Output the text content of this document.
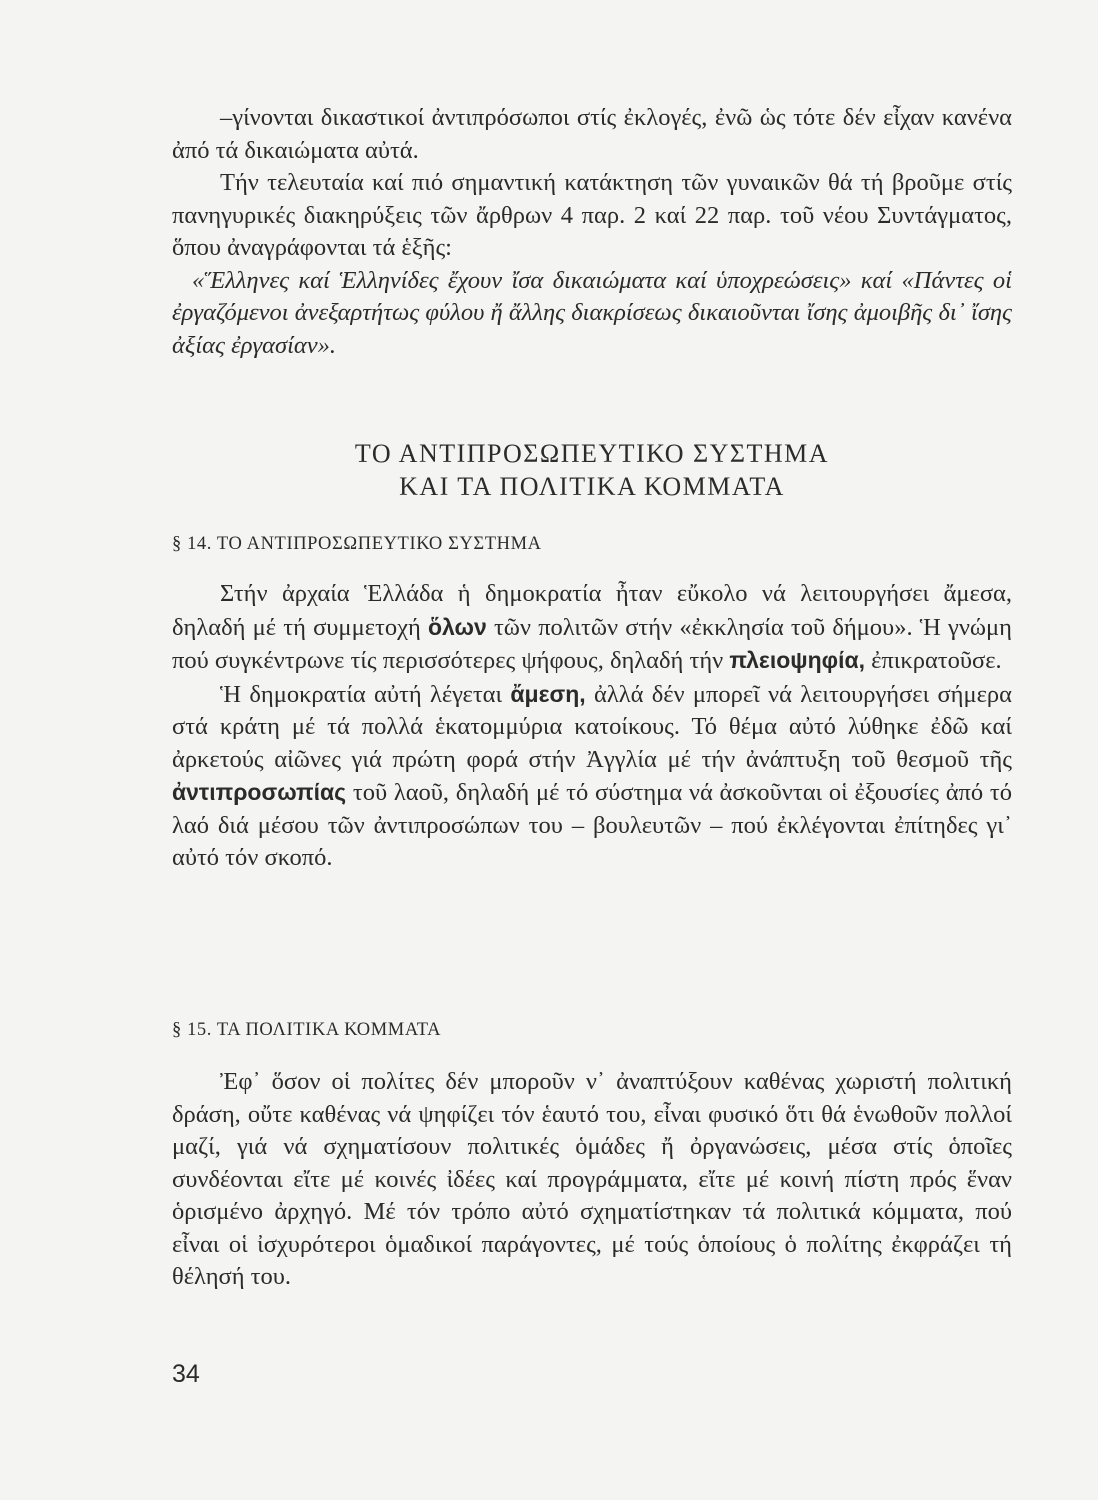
–γίνονται δικαστικοί ἀντιπρόσωποι στίς ἐκλογές, ἐνῶ ὡς τότε δέν εἶχαν κανένα ἀπό τά δικαιώματα αὐτά.

Τήν τελευταία καί πιό σημαντική κατάκτηση τῶν γυναικῶν θά τή βροῦμε στίς πανηγυρικές διακηρύξεις τῶν ἄρθρων 4 παρ. 2 καί 22 παρ. τοῦ νέου Συντάγματος, ὅπου ἀναγράφονται τά ἑξῆς:

«Ἕλληνες καί Ἑλληνίδες ἔχουν ἴσα δικαιώματα καί ὑποχρεώσεις» καί «Πάντες οἱ ἐργαζόμενοι ἀνεξαρτήτως φύλου ἤ ἄλλης διακρίσεως δικαιοῦνται ἴσης ἀμοιβῆς δι᾽ ἴσης ἀξίας ἐργασίαν».

ΤΟ ΑΝΤΙΠΡΟΣΩΠΕΥΤΙΚΟ ΣΥΣΤΗΜΑ
ΚΑΙ ΤΑ ΠΟΛΙΤΙΚΑ ΚΟΜΜΑΤΑ
§ 14. ΤΟ ΑΝΤΙΠΡΟΣΩΠΕΥΤΙΚΟ ΣΥΣΤΗΜΑ

Στήν ἀρχαία Ἑλλάδα ἡ δημοκρατία ἦταν εὔκολο νά λειτουργήσει ἄμεσα, δηλαδή μέ τή συμμετοχή ὅλων τῶν πολιτῶν στήν «ἐκκλησία τοῦ δήμου». Ἡ γνώμη πού συγκέντρωνε τίς περισσότερες ψήφους, δηλαδή τήν πλειοψηφία, ἐπικρατοῦσε.

Ἡ δημοκρατία αὐτή λέγεται ἄμεση, ἀλλά δέν μπορεῖ νά λειτουργήσει σήμερα στά κράτη μέ τά πολλά ἑκατομμύρια κατοίκους. Τό θέμα αὐτό λύθηκε ἐδῶ καί ἀρκετούς αἰῶνες γιά πρώτη φορά στήν Ἀγγλία μέ τήν ἀνάπτυξη τοῦ θεσμοῦ τῆς ἀντιπροσωπίας τοῦ λαοῦ, δηλαδή μέ τό σύστημα νά ἀσκοῦνται οἱ ἐξουσίες ἀπό τό λαό διά μέσου τῶν ἀντιπροσώπων του – βουλευτῶν – πού ἐκλέγονται ἐπίτηδες γι᾽ αὐτό τόν σκοπό.

§ 15. ΤΑ ΠΟΛΙΤΙΚΑ ΚΟΜΜΑΤΑ

Ἐφ᾽ ὅσον οἱ πολίτες δέν μποροῦν ν᾽ ἀναπτύξουν καθένας χωριστή πολιτική δράση, οὔτε καθένας νά ψηφίζει τόν ἑαυτό του, εἶναι φυσικό ὅτι θά ἑνωθοῦν πολλοί μαζί, γιά νά σχηματίσουν πολιτικές ὁμάδες ἤ ὀργανώσεις, μέσα στίς ὁποῖες συνδέονται εἴτε μέ κοινές ἰδέες καί προγράμματα, εἴτε μέ κοινή πίστη πρός ἕναν ὁρισμένο ἀρχηγό. Μέ τόν τρόπο αὐτό σχηματίστηκαν τά πολιτικά κόμματα, πού εἶναι οἱ ἰσχυρότεροι ὁμαδικοί παράγοντες, μέ τούς ὁποίους ὁ πολίτης ἐκφράζει τή θέλησή του.

34
